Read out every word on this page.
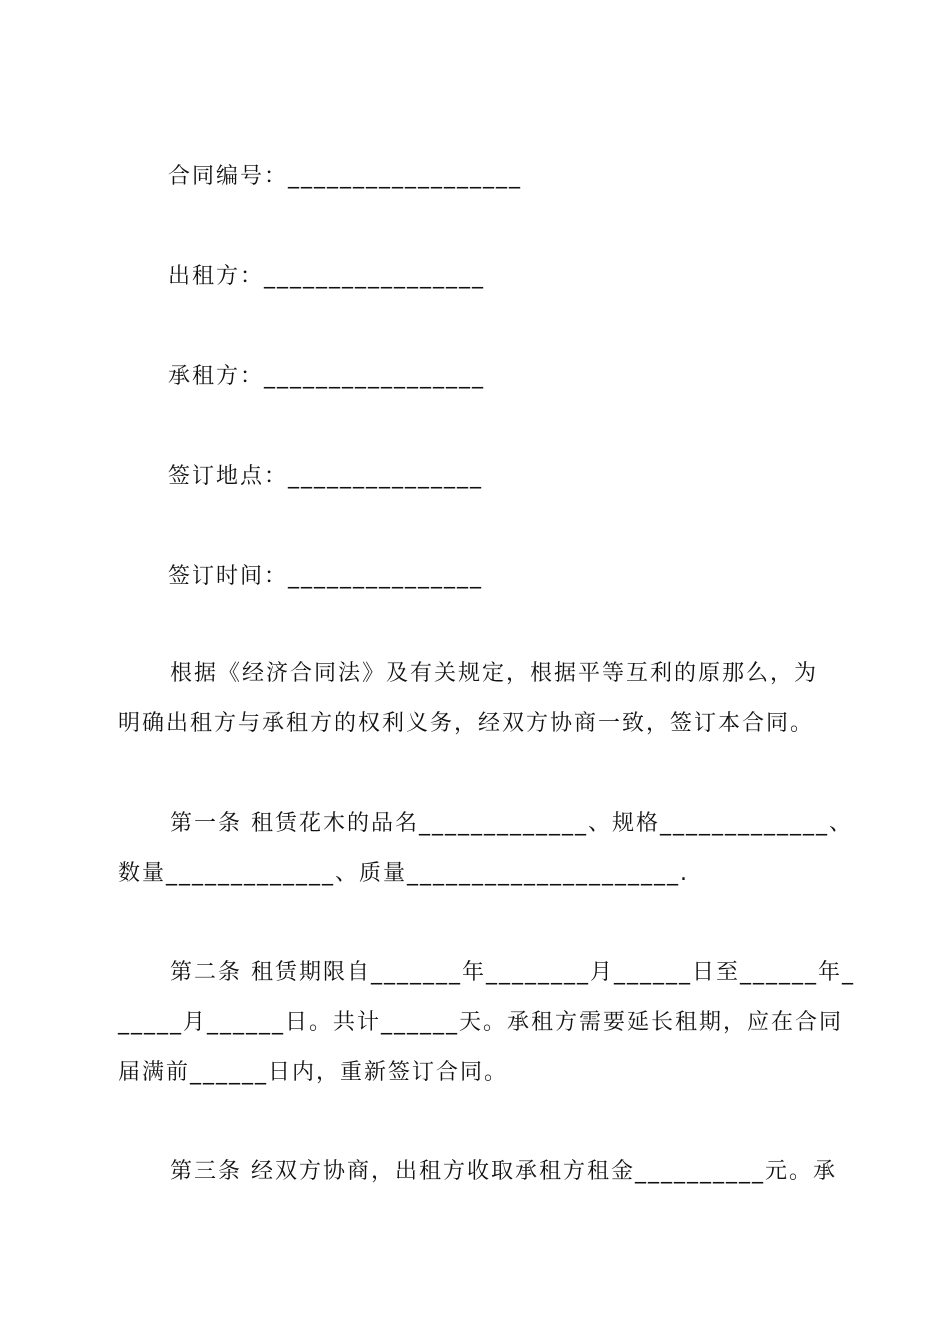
合同编号：__________________
出租方：_________________
承租方：_________________
签订地点：_______________
签订时间：_______________
根据《经济合同法》及有关规定，根据平等互利的原那么，为
明确出租方与承租方的权利义务，经双方协商一致，签订本合同。
第一条 租赁花木的品名_____________、规格_____________、
数量_____________、质量_____________________.
第二条 租赁期限自_______年________月______日至______年_
_____月______日。共计______天。承租方需要延长租期，应在合同
届满前______日内，重新签订合同。
第三条 经双方协商，出租方收取承租方租金__________元。承
